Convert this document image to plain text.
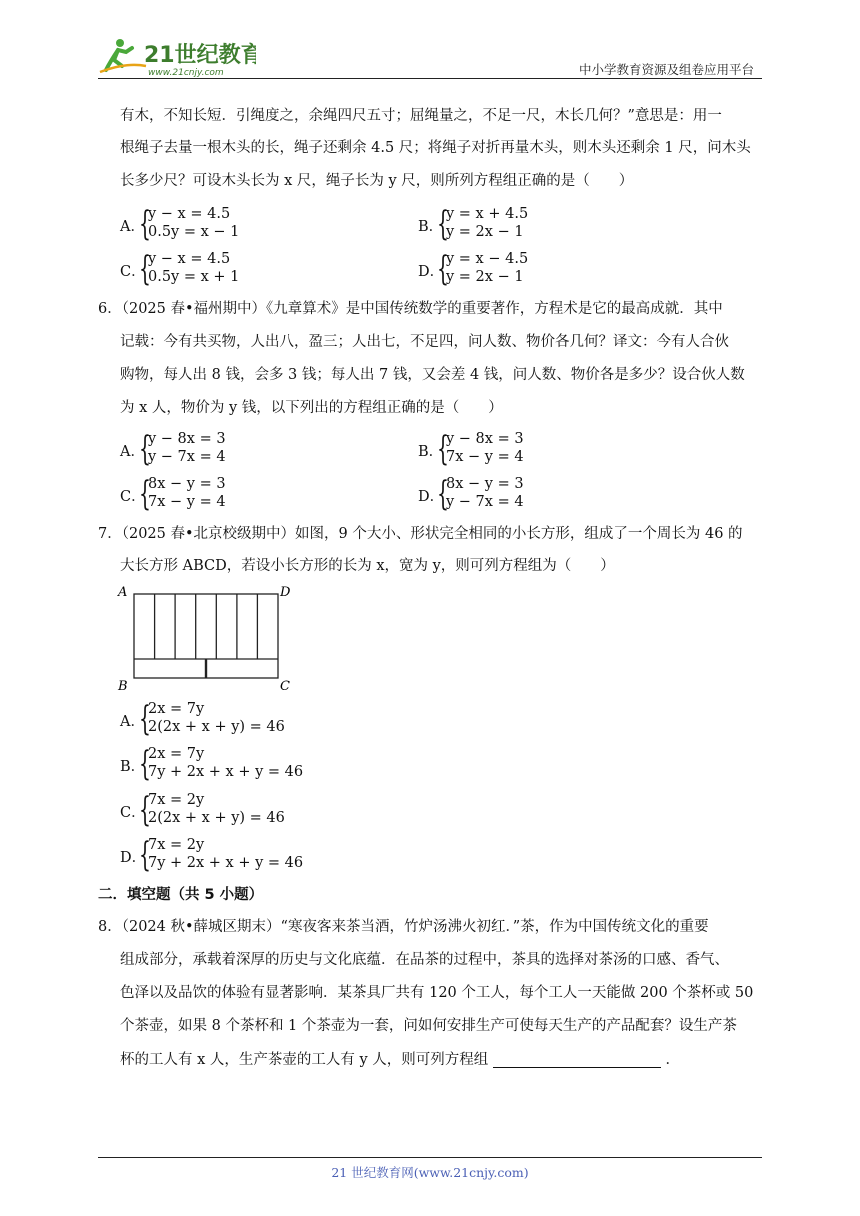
21世纪教育
www.21cnjy.com	中小学教育资源及组卷应用平台
有木，不知长短．引绳度之，余绳四尺五寸；屈绳量之，不足一尺，木长几何？”意思是：用一
根绳子去量一根木头的长，绳子还剩余 4.5 尺；将绳子对折再量木头，则木头还剩余 1 尺，问木头
长多少尺？可设木头长为 x 尺，绳子长为 y 尺，则所列方程组正确的是（　　）
A．
{
y − x = 4.5
0.5y = x − 1	B．
{
y = x + 4.5
y = 2x − 1
C．
{
y − x = 4.5
0.5y = x + 1	D．
{
y = x − 4.5
y = 2x − 1
6．（2025 春•福州期中）《九章算术》是中国传统数学的重要著作，方程术是它的最高成就．其中
记载：今有共买物，人出八，盈三；人出七，不足四，问人数、物价各几何？译文：今有人合伙
购物，每人出 8 钱，会多 3 钱；每人出 7 钱，又会差 4 钱，问人数、物价各是多少？设合伙人数
为 x 人，物价为 y 钱，以下列出的方程组正确的是（　　）
A．
{
y − 8x = 3
y − 7x = 4	B．
{
y − 8x = 3
7x − y = 4
C．
{
8x − y = 3
7x − y = 4	D．
{
8x − y = 3
y − 7x = 4
7．（2025 春•北京校级期中）如图，9 个大小、形状完全相同的小长方形，组成了一个周长为 46 的
大长方形 ABCD，若设小长方形的长为 x，宽为 y，则可列方程组为（　　）
A	D
B	C
A．
{
2x = 7y
2(2x + x + y) = 46
B．
{
2x = 7y
7y + 2x + x + y = 46
C．
{
7x = 2y
2(2x + x + y) = 46
D．
{
7x = 2y
7y + 2x + x + y = 46
二．填空题（共 5 小题）
8．（2024 秋•薛城区期末）“寒夜客来茶当酒，竹炉汤沸火初红．”茶，作为中国传统文化的重要
组成部分，承载着深厚的历史与文化底蕴．在品茶的过程中，茶具的选择对茶汤的口感、香气、
色泽以及品饮的体验有显著影响．某茶具厂共有 120 个工人，每个工人一天能做 200 个茶杯或 50
个茶壶，如果 8 个茶杯和 1 个茶壶为一套，问如何安排生产可使每天生产的产品配套？设生产茶
杯的工人有 x 人，生产茶壶的工人有 y 人，则可列方程组	．
21 世纪教育网(www.21cnjy.com)
